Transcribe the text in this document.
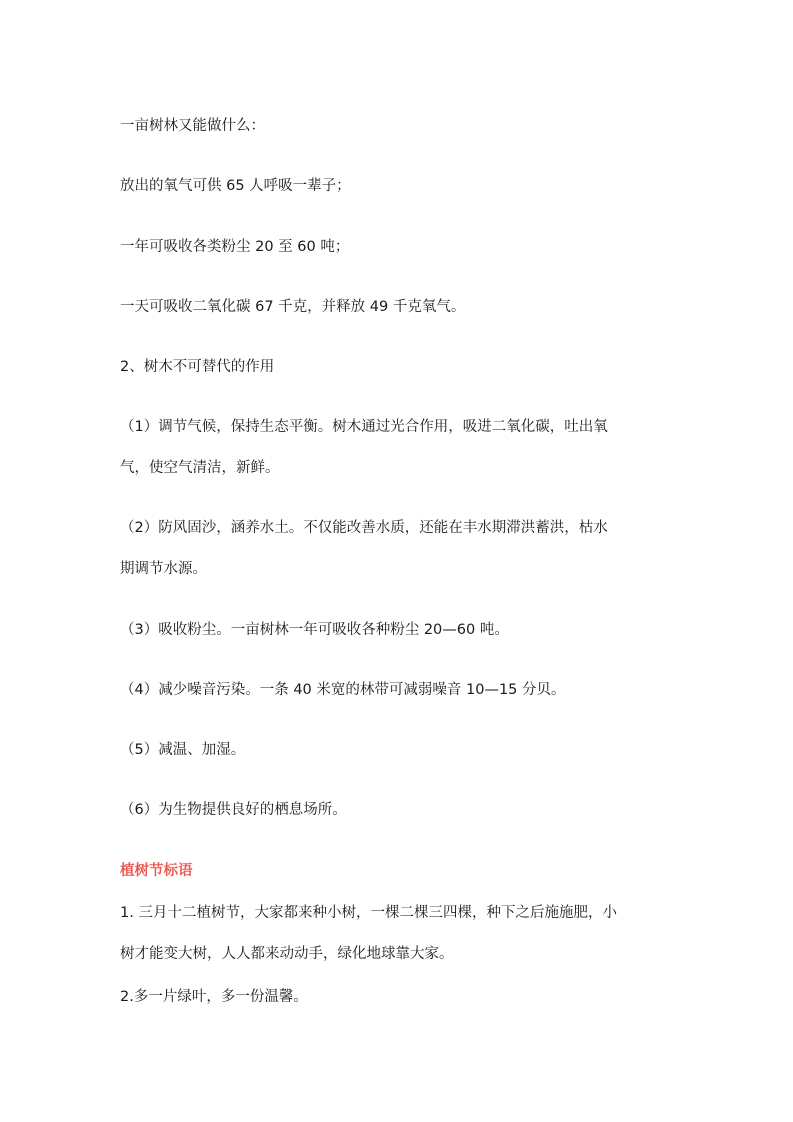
一亩树林又能做什么：

放出的氧气可供 65 人呼吸一辈子；

一年可吸收各类粉尘 20 至 60 吨；

一天可吸收二氧化碳 67 千克，并释放 49 千克氧气。

2、树木不可替代的作用

（1）调节气候，保持生态平衡。树木通过光合作用，吸进二氧化碳，吐出氧

气，使空气清洁，新鲜。

（2）防风固沙，涵养水土。不仅能改善水质，还能在丰水期滞洪蓄洪，枯水

期调节水源。

（3）吸收粉尘。一亩树林一年可吸收各种粉尘 20—60 吨。

（4）减少噪音污染。一条 40 米宽的林带可减弱噪音 10—15 分贝。

（5）减温、加湿。

（6）为生物提供良好的栖息场所。

植树节标语

1. 三月十二植树节，大家都来种小树，一棵二棵三四棵，种下之后施施肥，小

树才能变大树，人人都来动动手，绿化地球靠大家。

2.多一片绿叶，多一份温馨。
